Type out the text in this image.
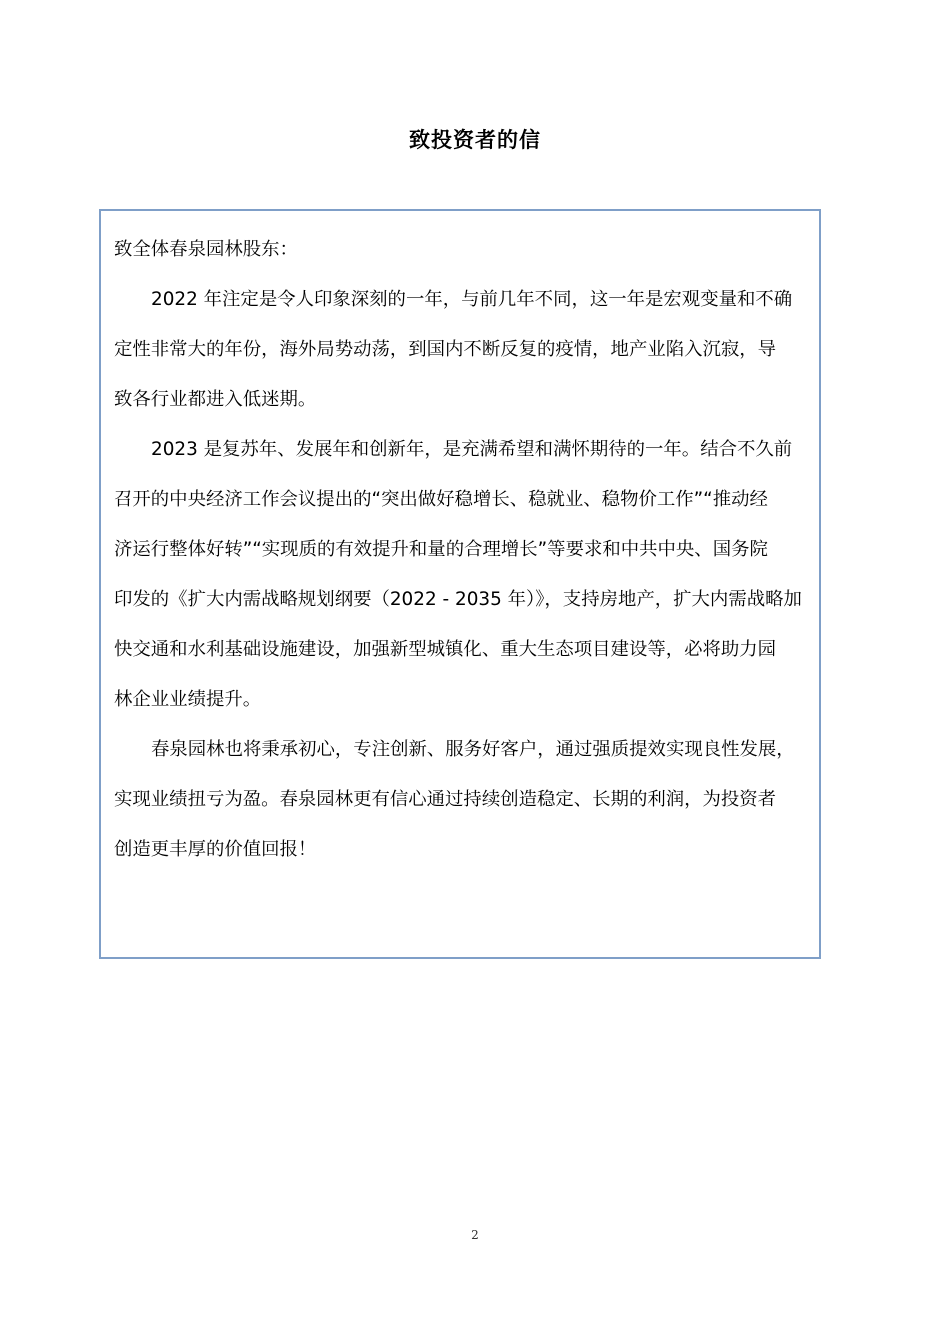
致投资者的信

致全体春泉园林股东：

2022 年注定是令人印象深刻的一年，与前几年不同，这一年是宏观变量和不确
定性非常大的年份，海外局势动荡，到国内不断反复的疫情，地产业陷入沉寂，导
致各行业都进入低迷期。

2023 是复苏年、发展年和创新年，是充满希望和满怀期待的一年。结合不久前
召开的中央经济工作会议提出的“突出做好稳增长、稳就业、稳物价工作”“推动经
济运行整体好转”“实现质的有效提升和量的合理增长”等要求和中共中央、国务院
印发的《扩大内需战略规划纲要（2022 - 2035 年）》，支持房地产，扩大内需战略加
快交通和水利基础设施建设，加强新型城镇化、重大生态项目建设等，必将助力园
林企业业绩提升。

春泉园林也将秉承初心，专注创新、服务好客户，通过强质提效实现良性发展，
实现业绩扭亏为盈。春泉园林更有信心通过持续创造稳定、长期的利润，为投资者
创造更丰厚的价值回报！

2
